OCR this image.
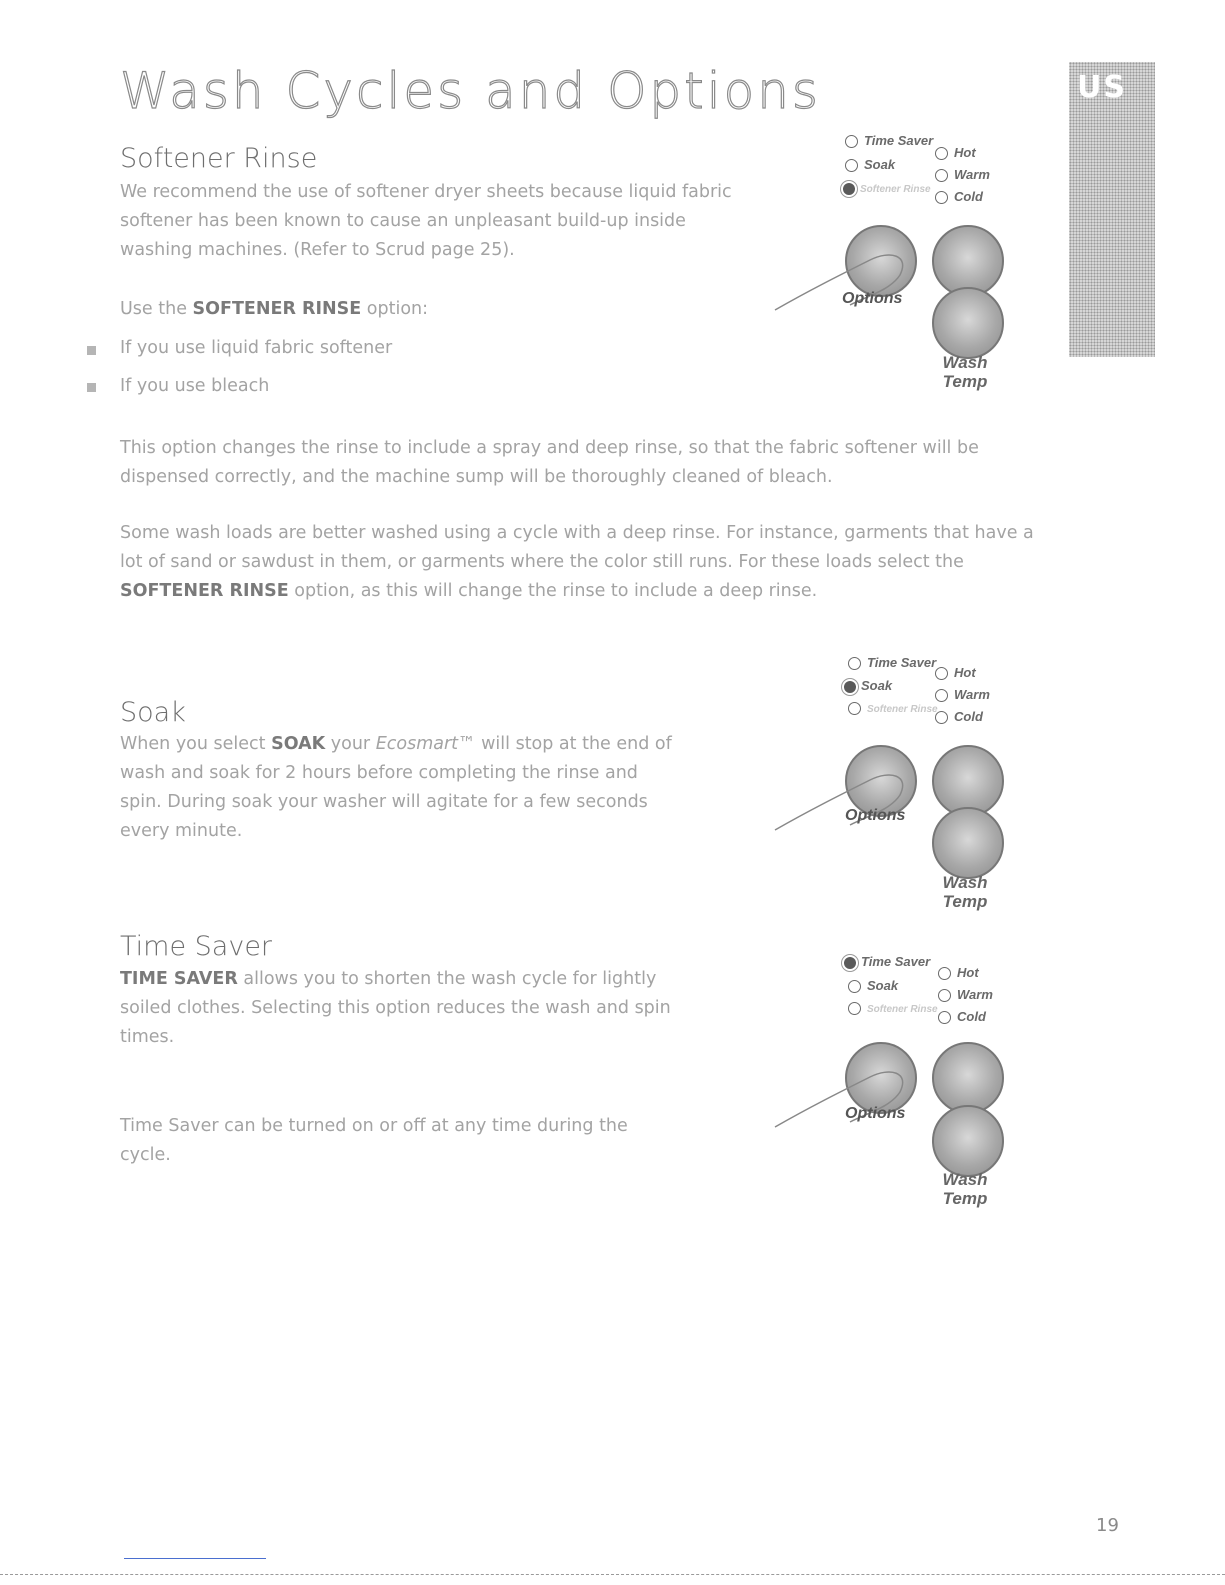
Wash Cycles and Options	US
Softener Rinse

We recommend the use of softener dryer sheets because liquid fabric softener has been known to cause an unpleasant build-up inside washing machines. (Refer to Scrud page 25).

Use the SOFTENER RINSE option:

If you use liquid fabric softener

If you use bleach

This option changes the rinse to include a spray and deep rinse, so that the fabric softener will be dispensed correctly, and the machine sump will be thoroughly cleaned of bleach.

Some wash loads are better washed using a cycle with a deep rinse. For instance, garments that have a lot of sand or sawdust in them, or garments where the color still runs. For these loads select the SOFTENER RINSE option, as this will change the rinse to include a deep rinse.

Soak

When you select SOAK your Ecosmart™ will stop at the end of wash and soak for 2 hours before completing the rinse and spin. During soak your washer will agitate for a few seconds every minute.

Time Saver

TIME SAVER allows you to shorten the wash cycle for lightly soiled clothes. Selecting this option reduces the wash and spin times.

Time Saver can be turned on or off at any time during the cycle.

Time Saver
Soak
Softener Rinse
Hot
Warm
Cold
Options
Wash Temp
Time Saver
Soak
Softener Rinse
Hot
Warm
Cold
Options
Wash Temp
Time Saver
Soak
Softener Rinse
Hot
Warm
Cold
Options
Wash Temp
19
